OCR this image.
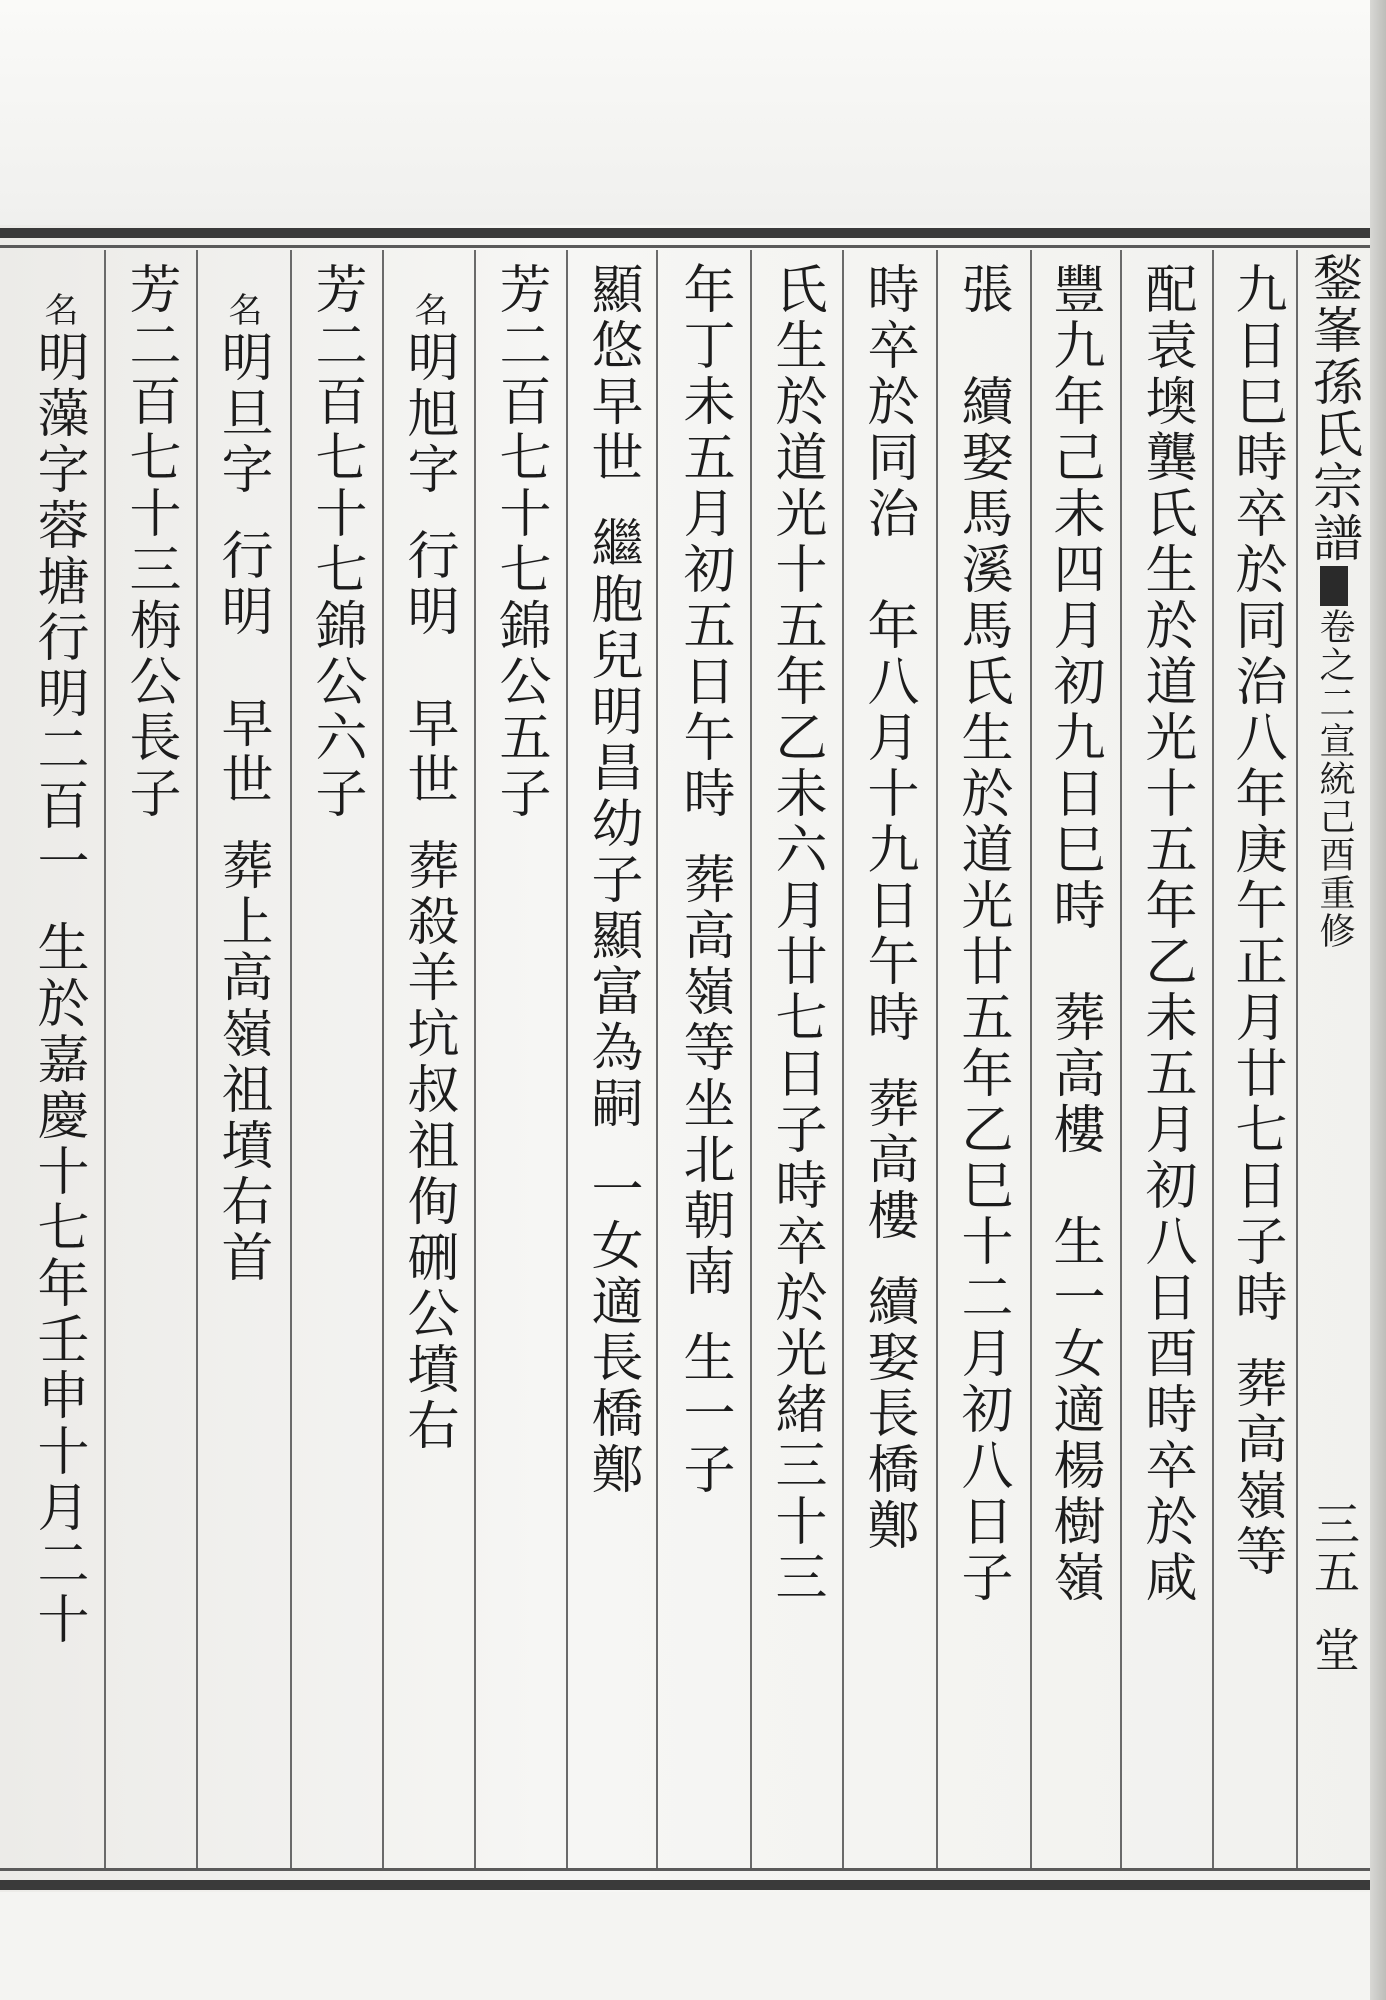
鍫峯孫氏宗譜卷之二宣統己酉重修三五堂
九日巳時卒於同治八年庚午正月廿七日子時葬高嶺等
配袁墺龔氏生於道光十五年乙未五月初八日酉時卒於咸
豐九年己未四月初九日巳時葬高樓生一女適楊樹嶺
張續娶馬溪馬氏生於道光廿五年乙巳十二月初八日子
時卒於同治年八月十九日午時葬高樓續娶長橋鄭
氏生於道光十五年乙未六月廿七日子時卒於光緒三十三
年丁未五月初五日午時葬高嶺等坐北朝南生一子
顯悠早世繼胞兒明昌幼子顯富為嗣一女適長橋鄭
芳二百七十七錦公五子
名明旭字行明早世葬殺羊坑叔祖侚硎公墳右
芳二百七十七錦公六子
名明旦字行明早世葬上高嶺祖墳右首
芳二百七十三栴公長子
名明藻字蓉塘行明二百一生於嘉慶十七年壬申十月二十
